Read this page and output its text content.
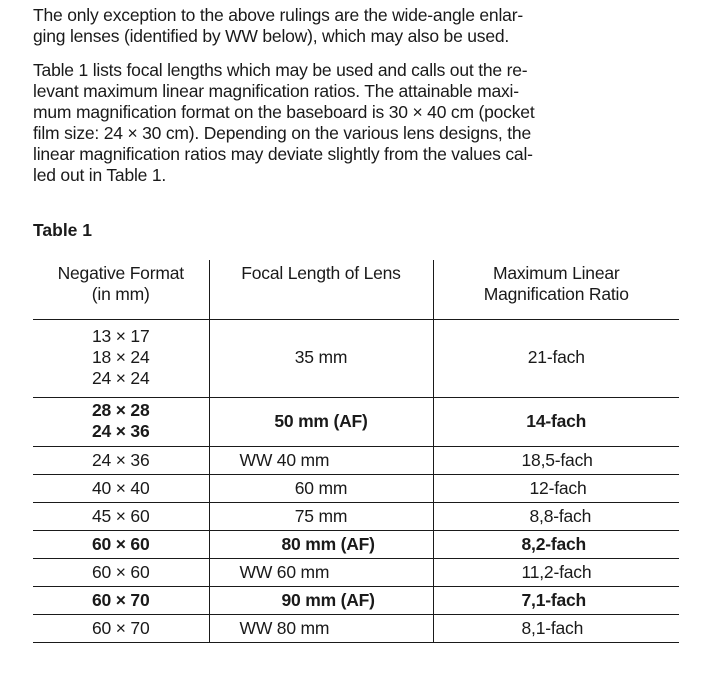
The only exception to the above rulings are the wide-angle enlar-
ging lenses (identified by WW below), which may also be used.

Table 1 lists focal lengths which may be used and calls out the re-
levant maximum linear magnification ratios. The attainable maxi-
mum magnification format on the baseboard is 30 × 40 cm (pocket
film size: 24 × 30 cm). Depending on the various lens designs, the
linear magnification ratios may deviate slightly from the values cal-
led out in Table 1.

Table 1

Negative Format
(in mm)	Focal Length of Lens	Maximum Linear
Magnification Ratio

13 × 17
18 × 24
24 × 24	35 mm	21-fach

28 × 28
24 × 36	50 mm (AF)	14-fach
24 × 36	WW 40 mm	18,5-fach
40 × 40	60 mm	12-fach
45 × 60	75 mm	8,8-fach
60 × 60	80 mm (AF)	8,2-fach
60 × 60	WW 60 mm	11,2-fach
60 × 70	90 mm (AF)	7,1-fach
60 × 70	WW 80 mm	8,1-fach
